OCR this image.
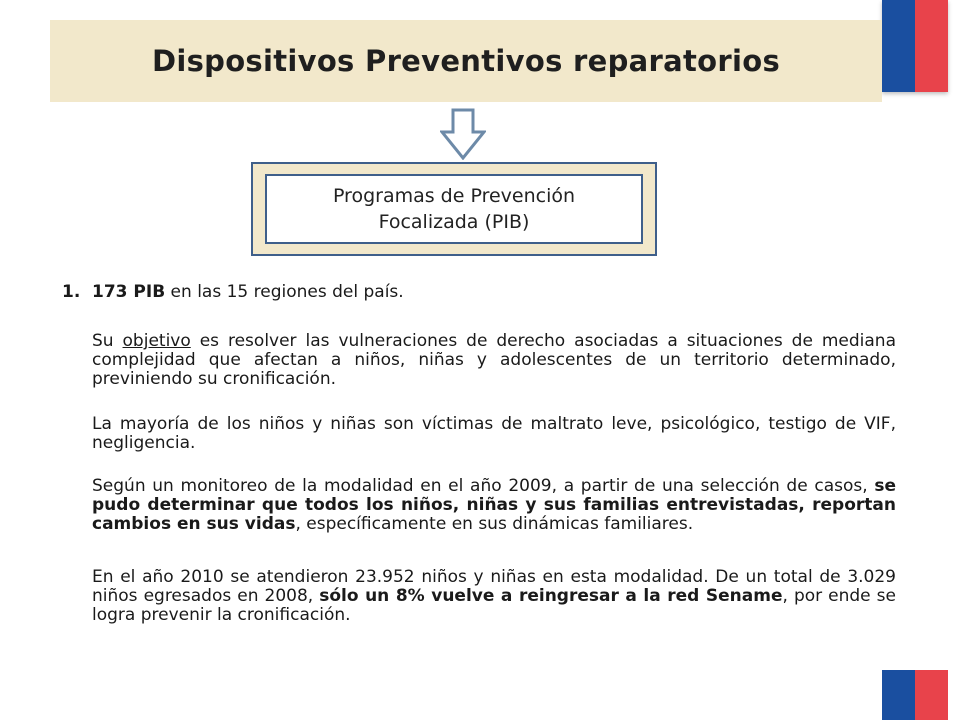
Dispositivos Preventivos reparatorios
Programas de Prevención
Focalizada (PIB)
1. 173 PIB en las 15 regiones del país.

Su objetivo es resolver las vulneraciones de derecho asociadas a situaciones de mediana complejidad que afectan a niños, niñas y adolescentes de un territorio determinado, previniendo su cronificación.

La mayoría de los niños y niñas son víctimas de maltrato leve, psicológico, testigo de VIF, negligencia.

Según un monitoreo de la modalidad en el año 2009, a partir de una selección de casos, se pudo determinar que todos los niños, niñas y sus familias entrevistadas, reportan cambios en sus vidas, específicamente en sus dinámicas familiares.

En el año 2010 se atendieron 23.952 niños y niñas en esta modalidad. De un total de 3.029 niños egresados en 2008, sólo un 8% vuelve a reingresar a la red Sename, por ende se logra prevenir la cronificación.
